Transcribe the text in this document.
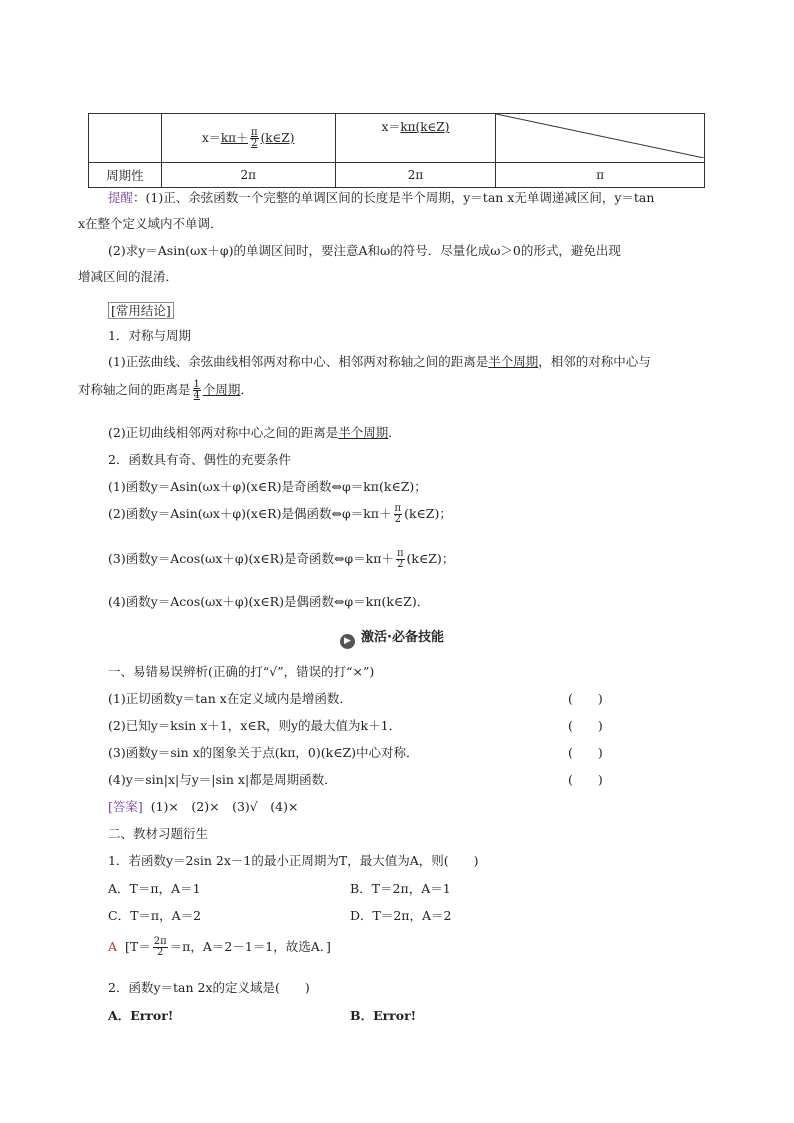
	$x=k\pi+ \frac{\pi}{2}$ (k∈Z)	x＝kπ(k∈Z)	

周期性	2π	2π	π
提醒：(1)正、余弦函数一个完整的单调区间的长度是半个周期，y＝tan x无单调递减区间，y＝tan
x在整个定义域内不单调．
(2)求y＝Asin(ωx＋φ)的单调区间时，要注意A和ω的符号．尽量化成ω＞0的形式，避免出现
增减区间的混淆．
[常用结论]
1．对称与周期
(1)正弦曲线、余弦曲线相邻两对称中心、相邻两对称轴之间的距离是半个周期，相邻的对称中心与
对称轴之间的距离是 $\frac{1}{4}$ 个周期．
(2)正切曲线相邻两对称中心之间的距离是半个周期．
2．函数具有奇、偶性的充要条件
(1)函数y＝Asin(ωx＋φ)(x∈R)是奇函数⇔φ＝kπ(k∈Z)；
(2)函数y＝Asin(ωx＋φ)(x∈R)是偶函数⇔φ＝kπ＋ $\frac{\pi}{2}$ (k∈Z)；
(3)函数y＝Acos(ωx＋φ)(x∈R)是奇函数⇔φ＝kπ＋ $\frac{\pi}{2}$ (k∈Z)；
(4)函数y＝Acos(ωx＋φ)(x∈R)是偶函数⇔φ＝kπ(k∈Z)．
▶ 激活·必备技能
一、易错易误辨析(正确的打“√”，错误的打“×”)
(1)正切函数y＝tan x在定义域内是增函数．	(　　)
(2)已知y＝ksin x＋1，x∈R，则y的最大值为k＋1．	(　　)
(3)函数y＝sin x的图象关于点(kπ，0)(k∈Z)中心对称．	(　　)
(4)y＝sin|x|与y＝|sin x|都是周期函数．	(　　)
[答案] (1)×　(2)×　(3)√　(4)×
二、教材习题衍生
1．若函数y＝2sin 2x－1的最小正周期为T，最大值为A，则(　　)
A．T＝π，A＝1	B．T＝2π，A＝1
C．T＝π，A＝2	D．T＝2π，A＝2
A [$T= \frac{2\pi}{2} =\pi$，A＝2－1＝1，故选A．]
2．函数y＝tan 2x的定义域是(　　)
A．Error!	B．Error!
